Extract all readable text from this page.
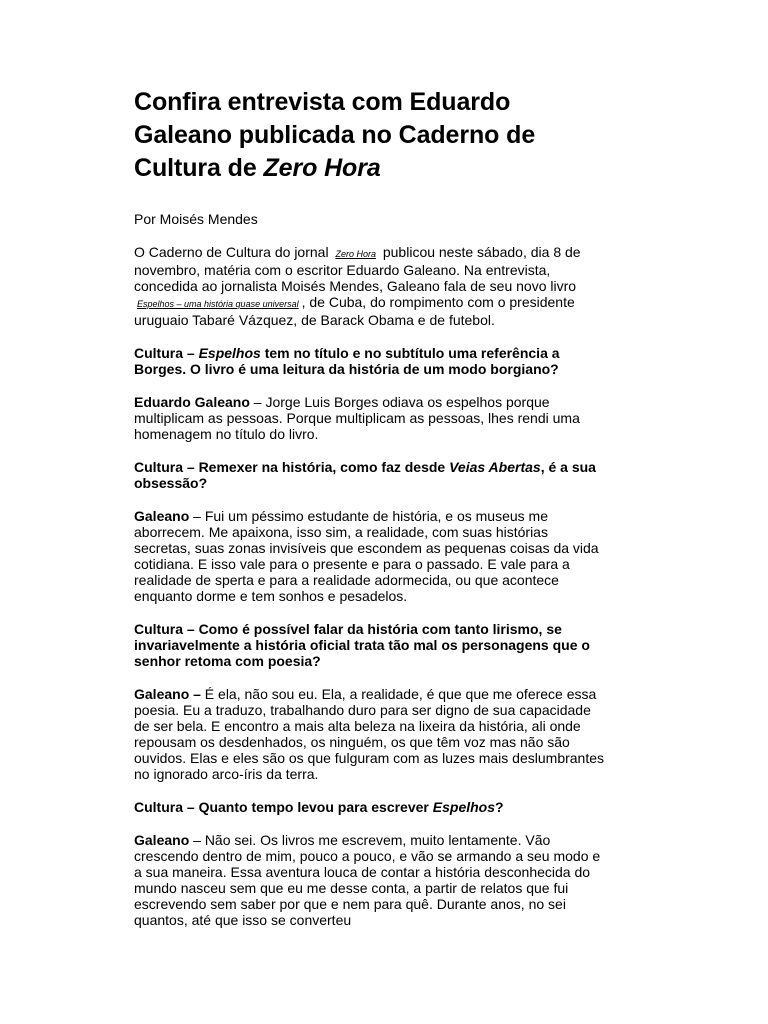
Confira entrevista com Eduardo Galeano publicada no Caderno de Cultura de Zero Hora

Por Moisés Mendes

O Caderno de Cultura do jornal Zero Hora publicou neste sábado, dia 8 de novembro, matéria com o escritor Eduardo Galeano. Na entrevista, concedida ao jornalista Moisés Mendes, Galeano fala de seu novo livro Espelhos – uma história quase universal , de Cuba, do rompimento com o presidente uruguaio Tabaré Vázquez, de Barack Obama e de futebol.

Cultura – Espelhos tem no título e no subtítulo uma referência a Borges. O livro é uma leitura da história de um modo borgiano?

Eduardo Galeano – Jorge Luis Borges odiava os espelhos porque multiplicam as pessoas. Porque multiplicam as pessoas, lhes rendi uma homenagem no título do livro.

Cultura – Remexer na história, como faz desde Veias Abertas, é a sua obsessão?

Galeano – Fui um péssimo estudante de história, e os museus me aborrecem. Me apaixona, isso sim, a realidade, com suas histórias secretas, suas zonas invisíveis que escondem as pequenas coisas da vida cotidiana. E isso vale para o presente e para o passado. E vale para a realidade de sperta e para a realidade adormecida, ou que acontece enquanto dorme e tem sonhos e pesadelos.

Cultura – Como é possível falar da história com tanto lirismo, se invariavelmente a história oficial trata tão mal os personagens que o senhor retoma com poesia?

Galeano – É ela, não sou eu. Ela, a realidade, é que que me oferece essa poesia. Eu a traduzo, trabalhando duro para ser digno de sua capacidade de ser bela. E encontro a mais alta beleza na lixeira da história, ali onde repousam os desdenhados, os ninguém, os que têm voz mas não são ouvidos. Elas e eles são os que fulguram com as luzes mais deslumbrantes no ignorado arco-íris da terra.

Cultura – Quanto tempo levou para escrever Espelhos?

Galeano – Não sei. Os livros me escrevem, muito lentamente. Vão crescendo dentro de mim, pouco a pouco, e vão se armando a seu modo e a sua maneira. Essa aventura louca de contar a história desconhecida do mundo nasceu sem que eu me desse conta, a partir de relatos que fui escrevendo sem saber por que e nem para quê. Durante anos, no sei quantos, até que isso se converteu
